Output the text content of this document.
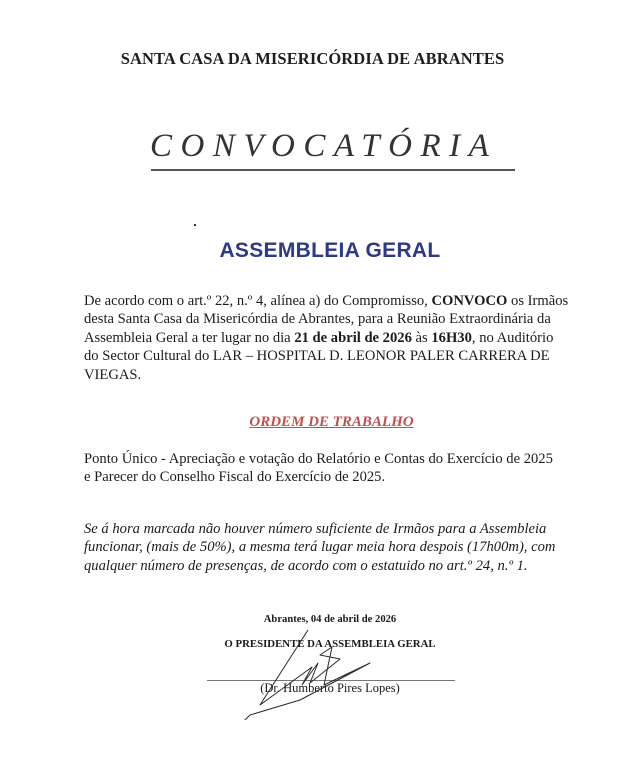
SANTA CASA DA MISERICÓRDIA DE ABRANTES
CONVOCATÓRIA
ASSEMBLEIA GERAL
De acordo com o art.º 22, n.º 4, alínea a) do Compromisso, CONVOCO os Irmãos
desta Santa Casa da Misericórdia de Abrantes, para a Reunião Extraordinária da
Assembleia Geral a ter lugar no dia 21 de abril de 2026 às 16H30, no Auditório
do Sector Cultural do LAR – HOSPITAL D. LEONOR PALER CARRERA DE
VIEGAS.
ORDEM DE TRABALHO
Ponto Único - Apreciação e votação do Relatório e Contas do Exercício de 2025
e Parecer do Conselho Fiscal do Exercício de 2025.
Se á hora marcada não houver número suficiente de Irmãos para a Assembleia
funcionar, (mais de 50%), a mesma terá lugar meia hora despois (17h00m), com
qualquer número de presenças, de acordo com o estatuido no art.º 24, n.º 1.
Abrantes, 04 de abril de 2026
O PRESIDENTE DA ASSEMBLEIA GERAL
(Dr. Humberto Pires Lopes)
